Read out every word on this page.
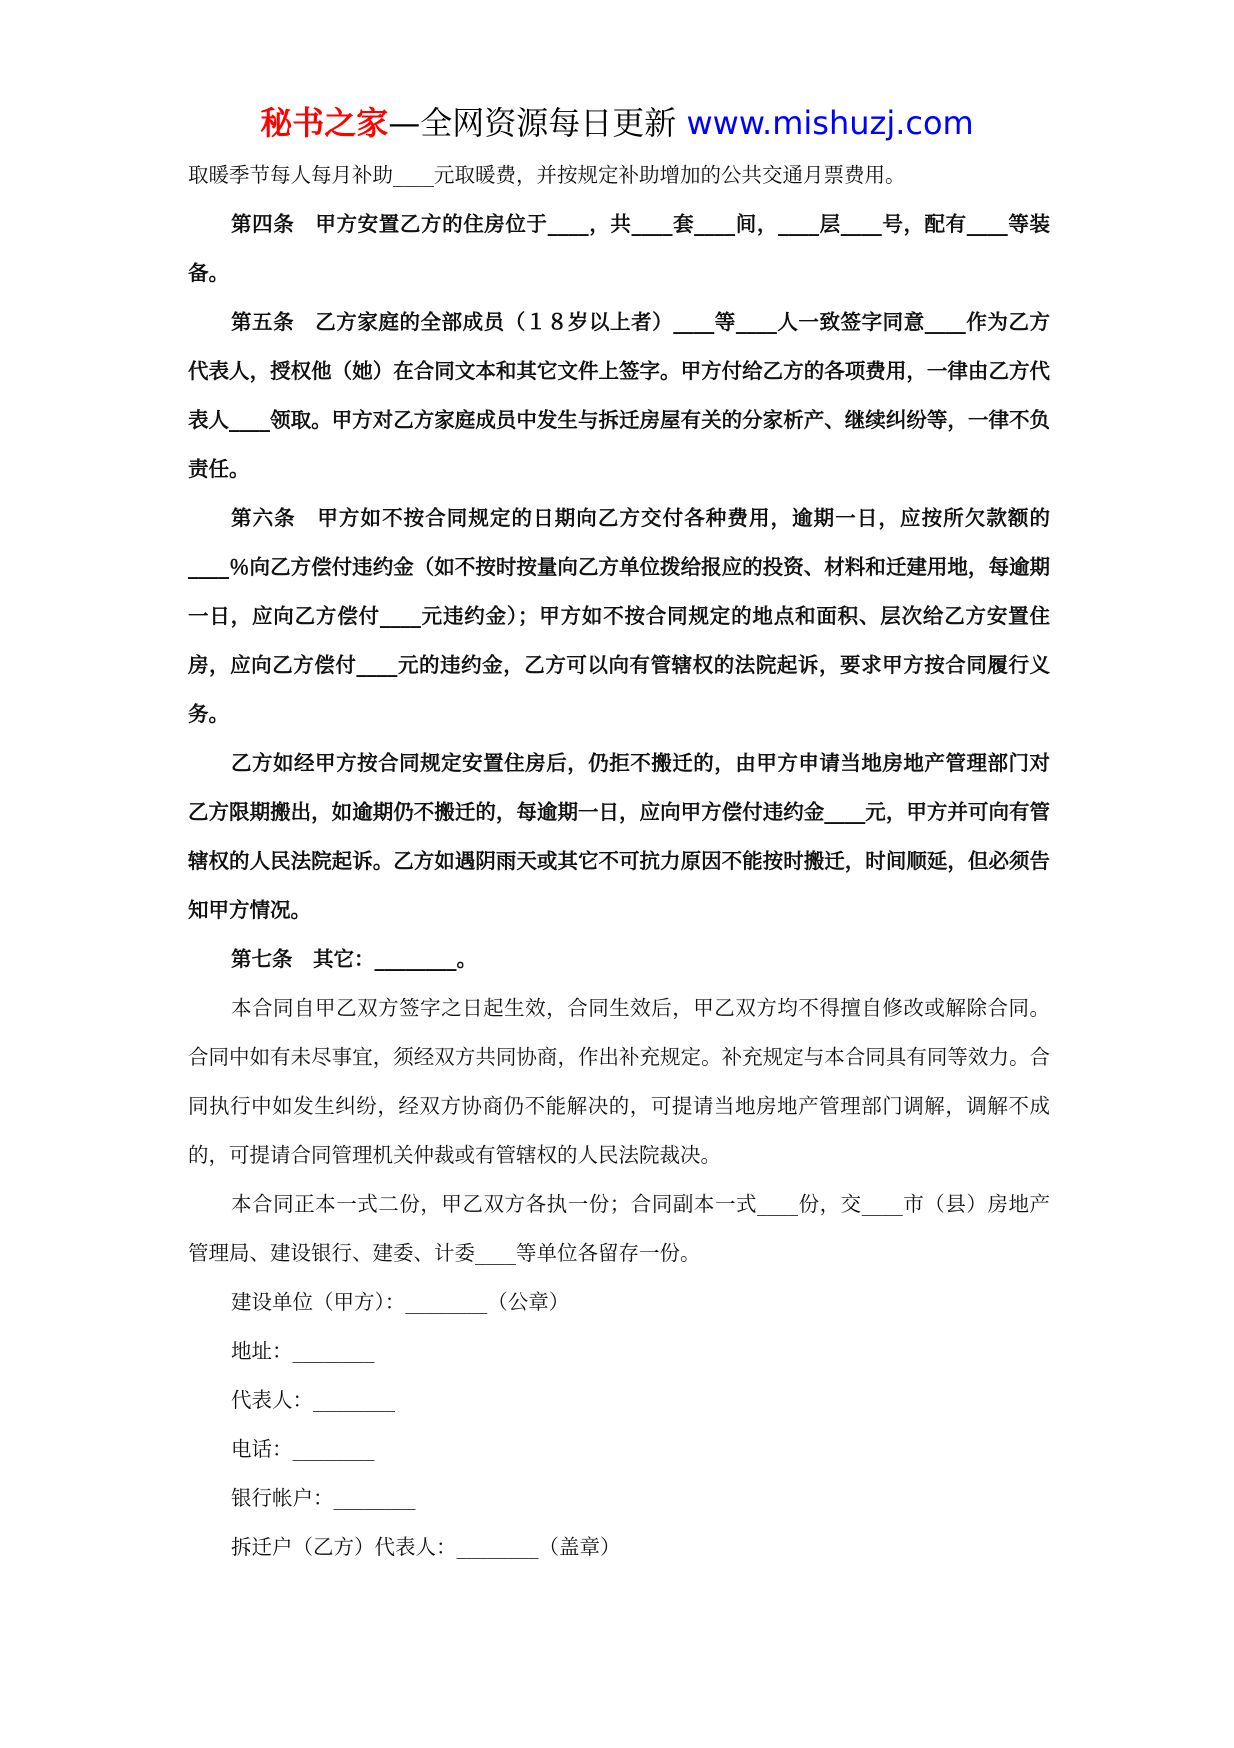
秘书之家—全网资源每日更新 www.mishuzj.com

取暖季节每人每月补助____元取暖费，并按规定补助增加的公共交通月票费用。

第四条　甲方安置乙方的住房位于____，共____套____间，____层____号，配有____等装备。

第五条　乙方家庭的全部成员（１８岁以上者）____等____人一致签字同意____作为乙方代表人，授权他（她）在合同文本和其它文件上签字。甲方付给乙方的各项费用，一律由乙方代表人____领取。甲方对乙方家庭成员中发生与拆迁房屋有关的分家析产、继续纠纷等，一律不负责任。

第六条　甲方如不按合同规定的日期向乙方交付各种费用，逾期一日，应按所欠款额的____％向乙方偿付违约金（如不按时按量向乙方单位拨给报应的投资、材料和迁建用地，每逾期一日，应向乙方偿付____元违约金）；甲方如不按合同规定的地点和面积、层次给乙方安置住房，应向乙方偿付____元的违约金，乙方可以向有管辖权的法院起诉，要求甲方按合同履行义务。

乙方如经甲方按合同规定安置住房后，仍拒不搬迁的，由甲方申请当地房地产管理部门对乙方限期搬出，如逾期仍不搬迁的，每逾期一日，应向甲方偿付违约金____元，甲方并可向有管辖权的人民法院起诉。乙方如遇阴雨天或其它不可抗力原因不能按时搬迁，时间顺延，但必须告知甲方情况。

第七条　其它：________。

本合同自甲乙双方签字之日起生效，合同生效后，甲乙双方均不得擅自修改或解除合同。合同中如有未尽事宜，须经双方共同协商，作出补充规定。补充规定与本合同具有同等效力。合同执行中如发生纠纷，经双方协商仍不能解决的，可提请当地房地产管理部门调解，调解不成的，可提请合同管理机关仲裁或有管辖权的人民法院裁决。

本合同正本一式二份，甲乙双方各执一份；合同副本一式____份，交____市（县）房地产管理局、建设银行、建委、计委____等单位各留存一份。

建设单位（甲方）：________（公章）

地址：________

代表人：________

电话：________

银行帐户：________

拆迁户（乙方）代表人：________（盖章）
